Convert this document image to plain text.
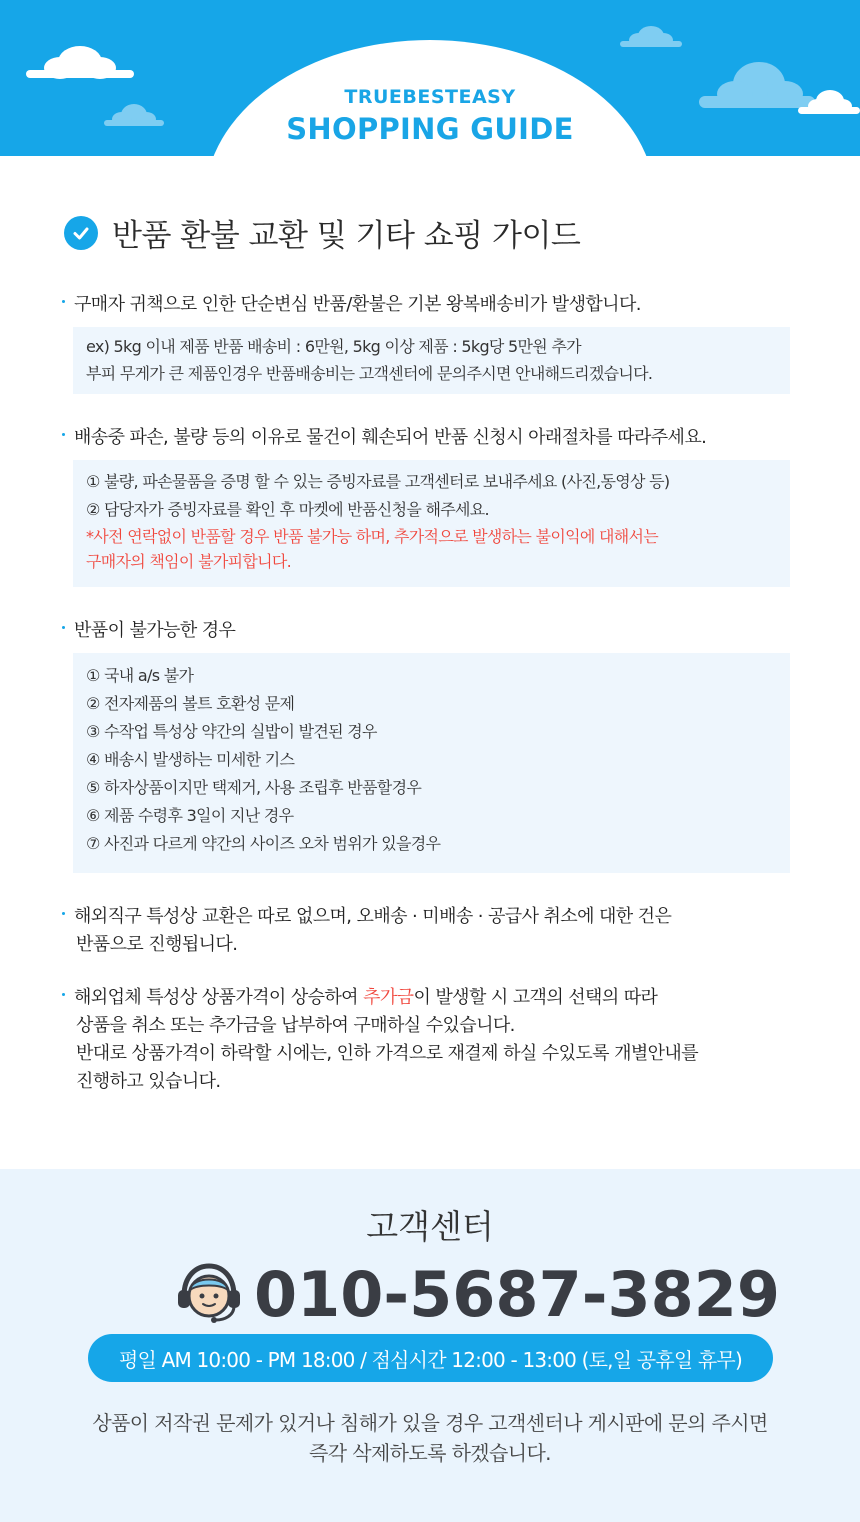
TRUEBESTEASY
SHOPPING GUIDE
반품 환불 교환 및 기타 쇼핑 가이드
구매자 귀책으로 인한 단순변심 반품/환불은 기본 왕복배송비가 발생합니다.
ex) 5kg 이내 제품 반품 배송비 : 6만원, 5kg 이상 제품 : 5kg당 5만원 추가
부피 무게가 큰 제품인경우 반품배송비는 고객센터에 문의주시면 안내해드리겠습니다.
배송중 파손, 불량 등의 이유로 물건이 훼손되어 반품 신청시 아래절차를 따라주세요.
① 불량, 파손물품을 증명 할 수 있는 증빙자료를 고객센터로 보내주세요 (사진,동영상 등)
② 담당자가 증빙자료를 확인 후 마켓에 반품신청을 해주세요.
*사전 연락없이 반품할 경우 반품 불가능 하며, 추가적으로 발생하는 불이익에 대해서는
구매자의 책임이 불가피합니다.
반품이 불가능한 경우
① 국내 a/s 불가
② 전자제품의 볼트 호환성 문제
③ 수작업 특성상 약간의 실밥이 발견된 경우
④ 배송시 발생하는 미세한 기스
⑤ 하자상품이지만 택제거, 사용 조립후 반품할경우
⑥ 제품 수령후 3일이 지난 경우
⑦ 사진과 다르게 약간의 사이즈 오차 범위가 있을경우
해외직구 특성상 교환은 따로 없으며, 오배송 · 미배송 · 공급사 취소에 대한 건은
반품으로 진행됩니다.
해외업체 특성상 상품가격이 상승하여 추가금이 발생할 시 고객의 선택의 따라
상품을 취소 또는 추가금을 납부하여 구매하실 수있습니다.
반대로 상품가격이 하락할 시에는, 인하 가격으로 재결제 하실 수있도록 개별안내를
진행하고 있습니다.
고객센터
010-5687-3829
평일 AM 10:00 - PM 18:00 / 점심시간 12:00 - 13:00 (토,일 공휴일 휴무)
상품이 저작권 문제가 있거나 침해가 있을 경우 고객센터나 게시판에 문의 주시면
즉각 삭제하도록 하겠습니다.
